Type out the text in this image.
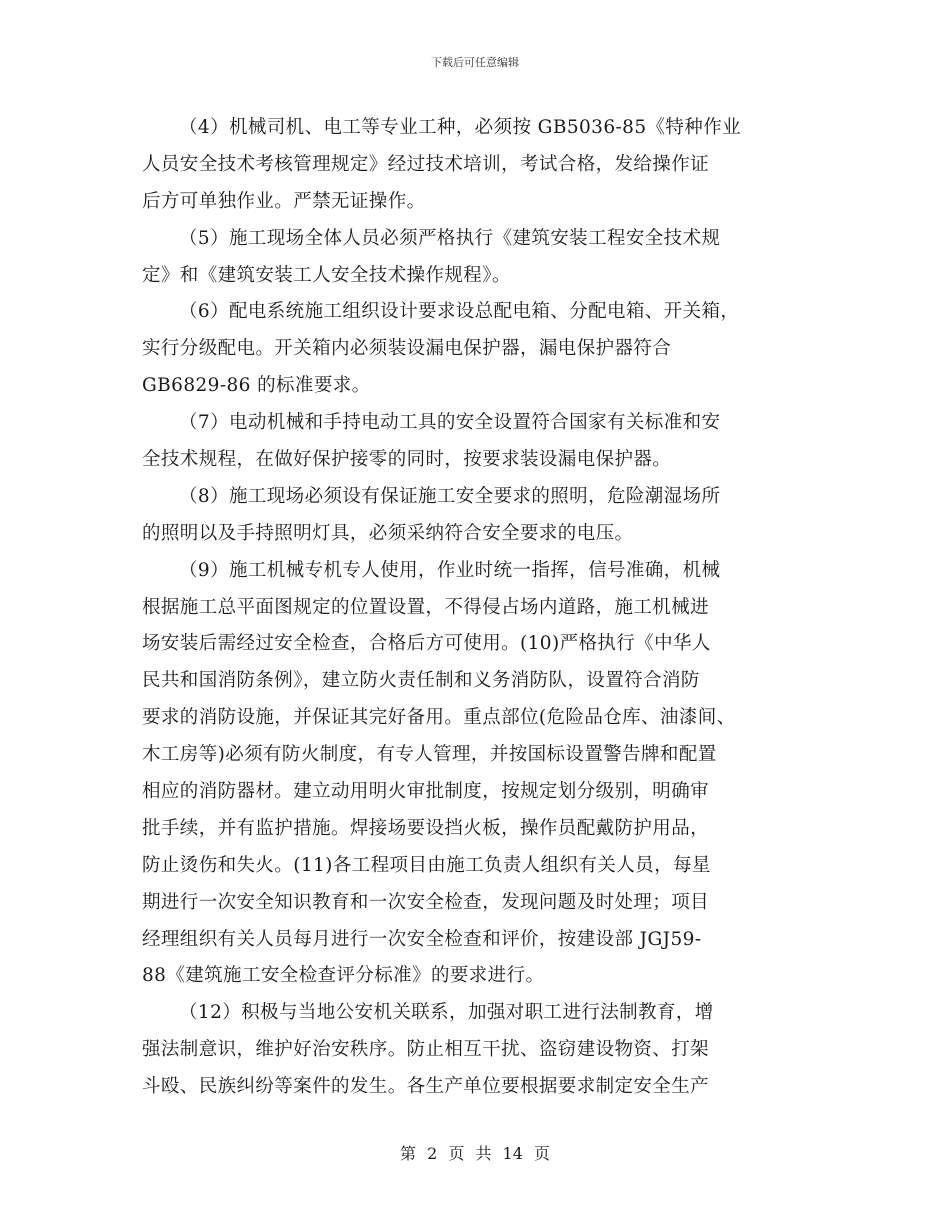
下载后可任意编辑
（4）机械司机、电工等专业工种，必须按 GB5036-85《特种作业
人员安全技术考核管理规定》经过技术培训，考试合格，发给操作证
后方可单独作业。严禁无证操作。
（5）施工现场全体人员必须严格执行《建筑安装工程安全技术规
定》和《建筑安装工人安全技术操作规程》。
（6）配电系统施工组织设计要求设总配电箱、分配电箱、开关箱，
实行分级配电。开关箱内必须装设漏电保护器，漏电保护器符合
GB6829-86 的标准要求。
（7）电动机械和手持电动工具的安全设置符合国家有关标准和安
全技术规程，在做好保护接零的同时，按要求装设漏电保护器。
（8）施工现场必须设有保证施工安全要求的照明，危险潮湿场所
的照明以及手持照明灯具，必须采纳符合安全要求的电压。
（9）施工机械专机专人使用，作业时统一指挥，信号准确，机械
根据施工总平面图规定的位置设置，不得侵占场内道路，施工机械进
场安装后需经过安全检查，合格后方可使用。(10)严格执行《中华人
民共和国消防条例》，建立防火责任制和义务消防队，设置符合消防
要求的消防设施，并保证其完好备用。重点部位(危险品仓库、油漆间、
木工房等)必须有防火制度，有专人管理，并按国标设置警告牌和配置
相应的消防器材。建立动用明火审批制度，按规定划分级别，明确审
批手续，并有监护措施。焊接场要设挡火板，操作员配戴防护用品，
防止烫伤和失火。(11)各工程项目由施工负责人组织有关人员，每星
期进行一次安全知识教育和一次安全检查，发现问题及时处理；项目
经理组织有关人员每月进行一次安全检查和评价，按建设部 JGJ59-
88《建筑施工安全检查评分标准》的要求进行。
（12）积极与当地公安机关联系，加强对职工进行法制教育，增
强法制意识，维护好治安秩序。防止相互干扰、盗窃建设物资、打架
斗殴、民族纠纷等案件的发生。各生产单位要根据要求制定安全生产
第 2 页 共 14 页
